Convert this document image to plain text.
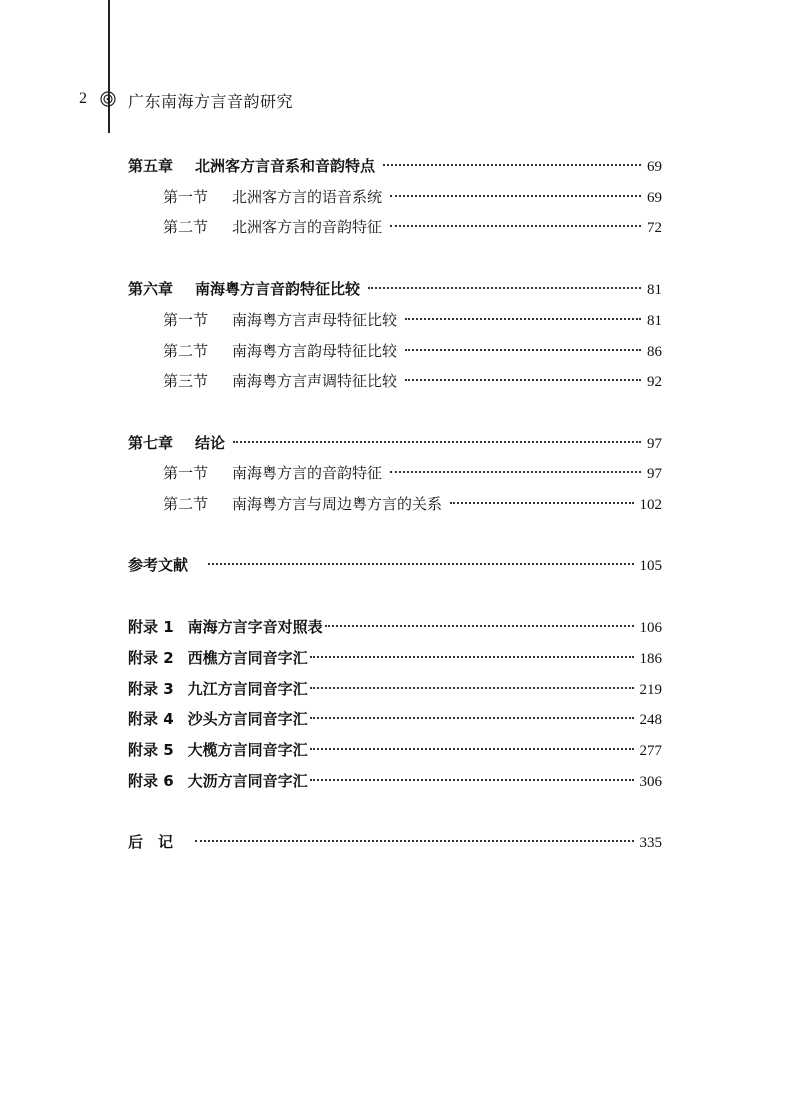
2	广东南海方言音韵研究
第五章 北洲客方言音系和音韵特点	69
第一节 北洲客方言的语音系统	69
第二节 北洲客方言的音韵特征	72
第六章 南海粤方言音韵特征比较	81
第一节 南海粤方言声母特征比较	81
第二节 南海粤方言韵母特征比较	86
第三节 南海粤方言声调特征比较	92
第七章 结论	97
第一节 南海粤方言的音韵特征	97
第二节 南海粤方言与周边粤方言的关系	102
参考文献	105
附录 1 南海方言字音对照表	106
附录 2 西樵方言同音字汇	186
附录 3 九江方言同音字汇	219
附录 4 沙头方言同音字汇	248
附录 5 大榄方言同音字汇	277
附录 6 大沥方言同音字汇	306
后　记	335
